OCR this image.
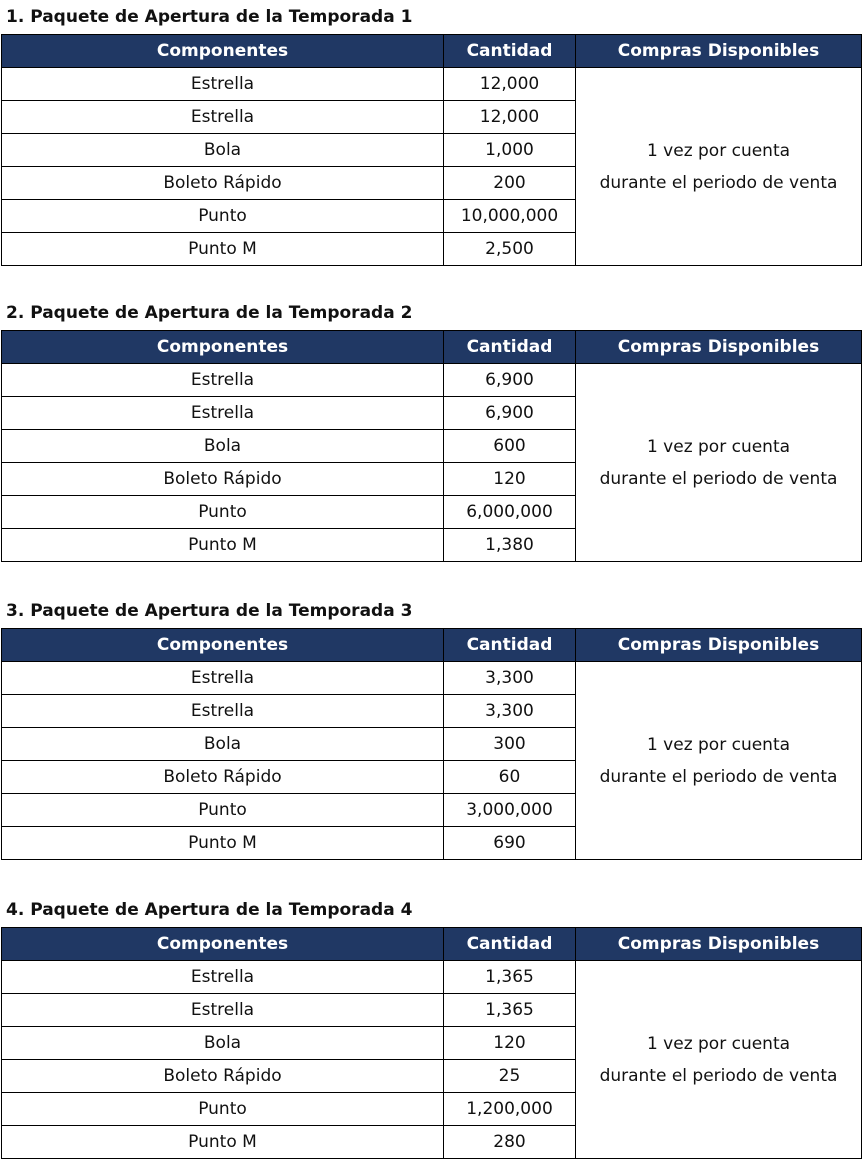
1. Paquete de Apertura de la Temporada 1
Componentes	Cantidad	Compras Disponibles
Estrella	12,000	1 vez por cuenta
durante el periodo de venta

Estrella	12,000	
Bola	1,000	
Boleto Rápido	200	
Punto	10,000,000	
Punto M	2,500	
2. Paquete de Apertura de la Temporada 2
Componentes	Cantidad	Compras Disponibles
Estrella	6,900	1 vez por cuenta
durante el periodo de venta

Estrella	6,900	
Bola	600	
Boleto Rápido	120	
Punto	6,000,000	
Punto M	1,380	
3. Paquete de Apertura de la Temporada 3
Componentes	Cantidad	Compras Disponibles
Estrella	3,300	1 vez por cuenta
durante el periodo de venta

Estrella	3,300	
Bola	300	
Boleto Rápido	60	
Punto	3,000,000	
Punto M	690	
4. Paquete de Apertura de la Temporada 4
Componentes	Cantidad	Compras Disponibles
Estrella	1,365	1 vez por cuenta
durante el periodo de venta

Estrella	1,365	
Bola	120	
Boleto Rápido	25	
Punto	1,200,000	
Punto M	280	
